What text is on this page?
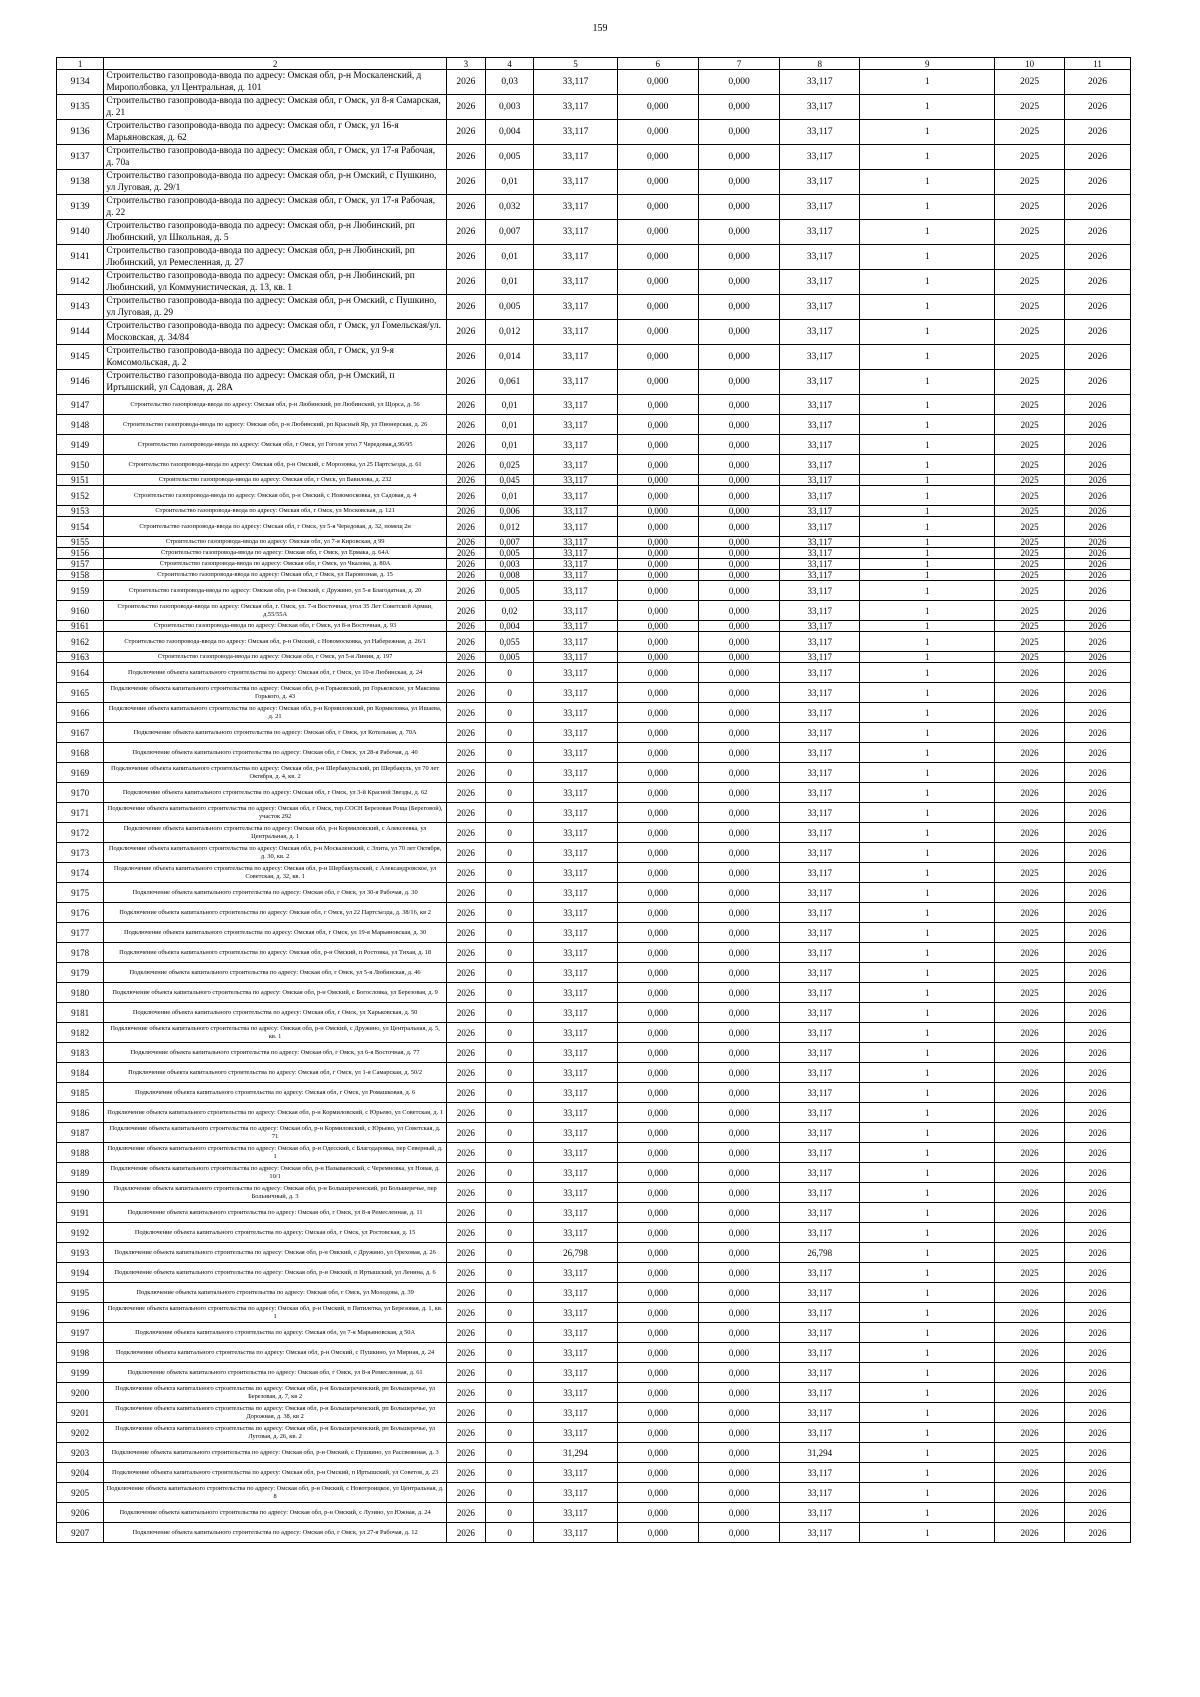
159
1	2	3	4	5	6	7	8	9	10	11
9134	Строительство газопровода-ввода по адресу: Омская обл, р-н Москаленский, д Мирополбовка, ул Центральная, д. 101	2026	0,03	33,117	0,000	0,000	33,117	1	2025	2026
9135	Строительство газопровода-ввода по адресу: Омская обл, г Омск, ул 8-я Самарская, д. 21	2026	0,003	33,117	0,000	0,000	33,117	1	2025	2026
9136	Строительство газопровода-ввода по адресу: Омская обл, г Омск, ул 16-я Марьяновская, д. 62	2026	0,004	33,117	0,000	0,000	33,117	1	2025	2026
9137	Строительство газопровода-ввода по адресу: Омская обл, г Омск, ул 17-я Рабочая, д. 70а	2026	0,005	33,117	0,000	0,000	33,117	1	2025	2026
9138	Строительство газопровода-ввода по адресу: Омская обл, р-н Омский, с Пушкино, ул Луговая, д. 29/1	2026	0,01	33,117	0,000	0,000	33,117	1	2025	2026
9139	Строительство газопровода-ввода по адресу: Омская обл, г Омск, ул 17-я Рабочая, д. 22	2026	0,032	33,117	0,000	0,000	33,117	1	2025	2026
9140	Строительство газопровода-ввода по адресу: Омская обл, р-н Любинский, рп Любинский, ул Школьная, д. 5	2026	0,007	33,117	0,000	0,000	33,117	1	2025	2026
9141	Строительство газопровода-ввода по адресу: Омская обл, р-н Любинский, рп Любинский, ул Ремесленная, д. 27	2026	0,01	33,117	0,000	0,000	33,117	1	2025	2026
9142	Строительство газопровода-ввода по адресу: Омская обл, р-н Любинский, рп Любинский, ул Коммунистическая, д. 13, кв. 1	2026	0,01	33,117	0,000	0,000	33,117	1	2025	2026
9143	Строительство газопровода-ввода по адресу: Омская обл, р-н Омский, с Пушкино, ул Луговая, д. 29	2026	0,005	33,117	0,000	0,000	33,117	1	2025	2026
9144	Строительство газопровода-ввода по адресу: Омская обл, г Омск, ул Гомельская/ул. Московская, д. 34/84	2026	0,012	33,117	0,000	0,000	33,117	1	2025	2026
9145	Строительство газопровода-ввода по адресу: Омская обл, г Омск, ул 9-я Комсомольская, д. 2	2026	0,014	33,117	0,000	0,000	33,117	1	2025	2026
9146	Строительство газопровода-ввода по адресу: Омская обл, р-н Омский, п Иртышский, ул Садовая, д. 28А	2026	0,061	33,117	0,000	0,000	33,117	1	2025	2026
9147	Строительство газопровода-ввода по адресу: Омская обл, р-н Любинский, рп Любинский, ул Щорса, д. 56	2026	0,01	33,117	0,000	0,000	33,117	1	2025	2026
9148	Строительство газопровода-ввода по адресу: Омская обл, р-н Любинский, рп Красный Яр, ул Пионерская, д. 26	2026	0,01	33,117	0,000	0,000	33,117	1	2025	2026
9149	Строительство газопровода-ввода по адресу: Омская обл, г Омск, ул Гоголя угол 7 Чередовая,д.96/95	2026	0,01	33,117	0,000	0,000	33,117	1	2025	2026
9150	Строительство газопровода-ввода по адресу: Омская обл, р-н Омский, с Морозовка, ул 25 Партсъезда, д. 61	2026	0,025	33,117	0,000	0,000	33,117	1	2025	2026
9151	Строительство газопровода-ввода по адресу: Омская обл, г Омск, ул Вавилова, д. 232	2026	0,045	33,117	0,000	0,000	33,117	1	2025	2026
9152	Строительство газопровода-ввода по адресу: Омская обл, р-н Омский, с Новомосковка, ул Садовая, д. 4	2026	0,01	33,117	0,000	0,000	33,117	1	2025	2026
9153	Строительство газопровода-ввода по адресу: Омская обл, г Омск, ул Московская, д. 121	2026	0,006	33,117	0,000	0,000	33,117	1	2025	2026
9154	Строительство газопровода-ввода по адресу: Омская обл, г Омск, ул 5-я Чередовая, д. 32, помещ 2н	2026	0,012	33,117	0,000	0,000	33,117	1	2025	2026
9155	Строительство газопровода-ввода по адресу: Омская обл, ул 7-я Кировская, д 99	2026	0,007	33,117	0,000	0,000	33,117	1	2025	2026
9156	Строительство газопровода-ввода по адресу: Омская обл, г Омск, ул Ермака, д. 64А	2026	0,005	33,117	0,000	0,000	33,117	1	2025	2026
9157	Строительство газопровода-ввода по адресу: Омская обл, г Омск, ул Чкалова, д. 80А	2026	0,003	33,117	0,000	0,000	33,117	1	2025	2026
9158	Строительство газопровода-ввода по адресу: Омская обл, г Омск, ул Паровозная, д. 15	2026	0,008	33,117	0,000	0,000	33,117	1	2025	2026
9159	Строительство газопровода-ввода по адресу: Омская обл, р-н Омский, с Дружино, ул 5-я Благодатная, д. 20	2026	0,005	33,117	0,000	0,000	33,117	1	2025	2026
9160	Строительство газопровода-ввода по адресу: Омская обл, г. Омск, ул. 7-я Восточная, угол 35 Лет Советской Армии, д.55/55А	2026	0,02	33,117	0,000	0,000	33,117	1	2025	2026
9161	Строительство газопровода-ввода по адресу: Омская обл, г Омск, ул 8-я Восточная, д. 93	2026	0,004	33,117	0,000	0,000	33,117	1	2025	2026
9162	Строительство газопровода-ввода по адресу: Омская обл, р-н Омский, с Новомосковка, ул Набережная, д. 26/1	2026	0,055	33,117	0,000	0,000	33,117	1	2025	2026
9163	Строительство газопровода-ввода по адресу: Омская обл, г Омск, ул 5-я Линия, д. 197	2026	0,005	33,117	0,000	0,000	33,117	1	2025	2026
9164	Подключение объекта капитального строительства по адресу: Омская обл, г Омск, ул 10-я Любинская, д. 24	2026	0	33,117	0,000	0,000	33,117	1	2026	2026
9165	Подключение объекта капитального строительства по адресу: Омская обл, р-н Горьковский, рп Горьковское, ул Максима Горького, д. 43	2026	0	33,117	0,000	0,000	33,117	1	2026	2026
9166	Подключение объекта капитального строительства по адресу: Омская обл, р-н Кормиловский, рп Кормиловка, ул Ишаева, д. 21	2026	0	33,117	0,000	0,000	33,117	1	2026	2026
9167	Подключение объекта капитального строительства по адресу: Омская обл, г Омск, ул Котельная, д. 70А	2026	0	33,117	0,000	0,000	33,117	1	2026	2026
9168	Подключение объекта капитального строительства по адресу: Омская обл, г Омск, ул 28-я Рабочая, д. 40	2026	0	33,117	0,000	0,000	33,117	1	2026	2026
9169	Подключение объекта капитального строительства по адресу: Омская обл, р-н Шербакульский, рп Шербакуль, ул 70 лет Октября, д. 4, кв. 2	2026	0	33,117	0,000	0,000	33,117	1	2026	2026
9170	Подключение объекта капитального строительства по адресу: Омская обл, г Омск, ул 3-й Красной Звезды, д. 62	2026	0	33,117	0,000	0,000	33,117	1	2026	2026
9171	Подключение объекта капитального строительства по адресу: Омская обл, г Омск, тер.СОСН Березовая Роща (Береговой), участок 292	2026	0	33,117	0,000	0,000	33,117	1	2026	2026
9172	Подключение объекта капитального строительства по адресу: Омская обл, р-н Кормиловский, с Алексеевка, ул Центральная, д. 1	2026	0	33,117	0,000	0,000	33,117	1	2026	2026
9173	Подключение объекта капитального строительства по адресу: Омская обл, р-н Москаленский, с Элита, ул 70 лет Октября, д. 30, кв. 2	2026	0	33,117	0,000	0,000	33,117	1	2026	2026
9174	Подключение объекта капитального строительства по адресу: Омская обл, р-н Шербакульский, с Александровское, ул Советская, д. 32, кв. 1	2026	0	33,117	0,000	0,000	33,117	1	2025	2026
9175	Подключение объекта капитального строительства по адресу: Омская обл, г Омск, ул 30-я Рабочая, д. 30	2026	0	33,117	0,000	0,000	33,117	1	2026	2026
9176	Подключение объекта капитального строительства по адресу: Омская обл, г Омск, ул 22 Партсъезда, д. 38/16, кв 2	2026	0	33,117	0,000	0,000	33,117	1	2026	2026
9177	Подключение объекта капитального строительства по адресу: Омская обл, г Омск, ул 19-я Марьяновская, д. 30	2026	0	33,117	0,000	0,000	33,117	1	2025	2026
9178	Подключение объекта капитального строительства по адресу: Омская обл, р-н Омский, п Ростовка, ул Тихая, д. 18	2026	0	33,117	0,000	0,000	33,117	1	2026	2026
9179	Подключение объекта капитального строительства по адресу: Омская обл, г Омск, ул 5-я Любинская, д. 46	2026	0	33,117	0,000	0,000	33,117	1	2025	2026
9180	Подключение объекта капитального строительства по адресу: Омская обл, р-н Омский, с Богословка, ул Березовая, д. 9	2026	0	33,117	0,000	0,000	33,117	1	2025	2026
9181	Подключение объекта капитального строительства по адресу: Омская обл, г Омск, ул Харьковская, д. 50	2026	0	33,117	0,000	0,000	33,117	1	2026	2026
9182	Подключение объекта капитального строительства по адресу: Омская обл, р-н Омский, с Дружино, ул Центральная, д. 5, кв. 1	2026	0	33,117	0,000	0,000	33,117	1	2026	2026
9183	Подключение объекта капитального строительства по адресу: Омская обл, г Омск, ул 6-я Восточная, д. 77	2026	0	33,117	0,000	0,000	33,117	1	2026	2026
9184	Подключение объекта капитального строительства по адресу: Омская обл, г Омск, ул 1-я Самарская, д. 50/2	2026	0	33,117	0,000	0,000	33,117	1	2026	2026
9185	Подключение объекта капитального строительства по адресу: Омская обл, г Омск, ул Ромашковая, д. 6	2026	0	33,117	0,000	0,000	33,117	1	2026	2026
9186	Подключение объекта капитального строительства по адресу: Омская обл, р-н Кормиловский, с Юрьево, ул Советская, д. 1	2026	0	33,117	0,000	0,000	33,117	1	2026	2026
9187	Подключение объекта капитального строительства по адресу: Омская обл, р-н Кормиловский, с Юрьево, ул Советская, д. 71	2026	0	33,117	0,000	0,000	33,117	1	2026	2026
9188	Подключение объекта капитального строительства по адресу: Омская обл, р-н Одесский, с Благодаровка, пер Северный, д. 1	2026	0	33,117	0,000	0,000	33,117	1	2026	2026
9189	Подключение объекта капитального строительства по адресу: Омская обл, р-н Называевский, с Черемновка, ул Новая, д. 10/1	2026	0	33,117	0,000	0,000	33,117	1	2026	2026
9190	Подключение объекта капитального строительства по адресу: Омская обл, р-н Большереченский, рп Большеречье, пер Больничный, д. 3	2026	0	33,117	0,000	0,000	33,117	1	2026	2026
9191	Подключение объекта капитального строительства по адресу: Омская обл, г Омск, ул 8-я Ремесленная, д. 11	2026	0	33,117	0,000	0,000	33,117	1	2026	2026
9192	Подключение объекта капитального строительства по адресу: Омская обл, г Омск, ул Ростовская, д. 15	2026	0	33,117	0,000	0,000	33,117	1	2026	2026
9193	Подключение объекта капитального строительства по адресу: Омская обл, р-н Омский, с Дружино, ул Ореховая, д. 26	2026	0	26,798	0,000	0,000	26,798	1	2025	2026
9194	Подключение объекта капитального строительства по адресу: Омская обл, р-н Омский, п Иртышский, ул Ленина, д. 6	2026	0	33,117	0,000	0,000	33,117	1	2025	2026
9195	Подключение объекта капитального строительства по адресу: Омская обл, г Омск, ул Молодова, д. 39	2026	0	33,117	0,000	0,000	33,117	1	2026	2026
9196	Подключение объекта капитального строительства по адресу: Омская обл, р-н Омский, п Пятилетка, ул Березовая, д. 1, кв. 1	2026	0	33,117	0,000	0,000	33,117	1	2026	2026
9197	Подключение объекта капитального строительства по адресу: Омская обл, ул 7-я Марьяновская, д 50А	2026	0	33,117	0,000	0,000	33,117	1	2026	2026
9198	Подключение объекта капитального строительства по адресу: Омская обл, р-н Омский, с Пушкино, ул Мирная, д. 24	2026	0	33,117	0,000	0,000	33,117	1	2026	2026
9199	Подключение объекта капитального строительства по адресу: Омская обл, г Омск, ул 8-я Ремесленная, д. 61	2026	0	33,117	0,000	0,000	33,117	1	2026	2026
9200	Подключение объекта капитального строительства по адресу: Омская обл, р-н Большереченский, рп Большеречье, ул Березовая, д. 7, кв 2	2026	0	33,117	0,000	0,000	33,117	1	2026	2026
9201	Подключение объекта капитального строительства по адресу: Омская обл, р-н Большереченский, рп Большеречье, ул Дорожная, д. 38, кв 2	2026	0	33,117	0,000	0,000	33,117	1	2026	2026
9202	Подключение объекта капитального строительства по адресу: Омская обл, р-н Большереченский, рп Большеречье, ул Луговая, д. 26, кв. 2	2026	0	33,117	0,000	0,000	33,117	1	2026	2026
9203	Подключение объекта капитального строительства по адресу: Омская обл, р-н Омский, с Пушкино, ул Рассвеянная, д. 3	2026	0	31,294	0,000	0,000	31,294	1	2025	2026
9204	Подключение объекта капитального строительства по адресу: Омская обл, р-н Омский, п Иртышский, ул Советов, д. 23	2026	0	33,117	0,000	0,000	33,117	1	2026	2026
9205	Подключение объекта капитального строительства по адресу: Омская обл, р-н Омский, с Новотроицкое, ул Центральная, д. 8	2026	0	33,117	0,000	0,000	33,117	1	2026	2026
9206	Подключение объекта капитального строительства по адресу: Омская обл, р-н Омский, с Лузино, ул Южная, д. 24	2026	0	33,117	0,000	0,000	33,117	1	2026	2026
9207	Подключение объекта капитального строительства по адресу: Омская обл, г Омск, ул 27-я Рабочая, д. 12	2026	0	33,117	0,000	0,000	33,117	1	2026	2026
